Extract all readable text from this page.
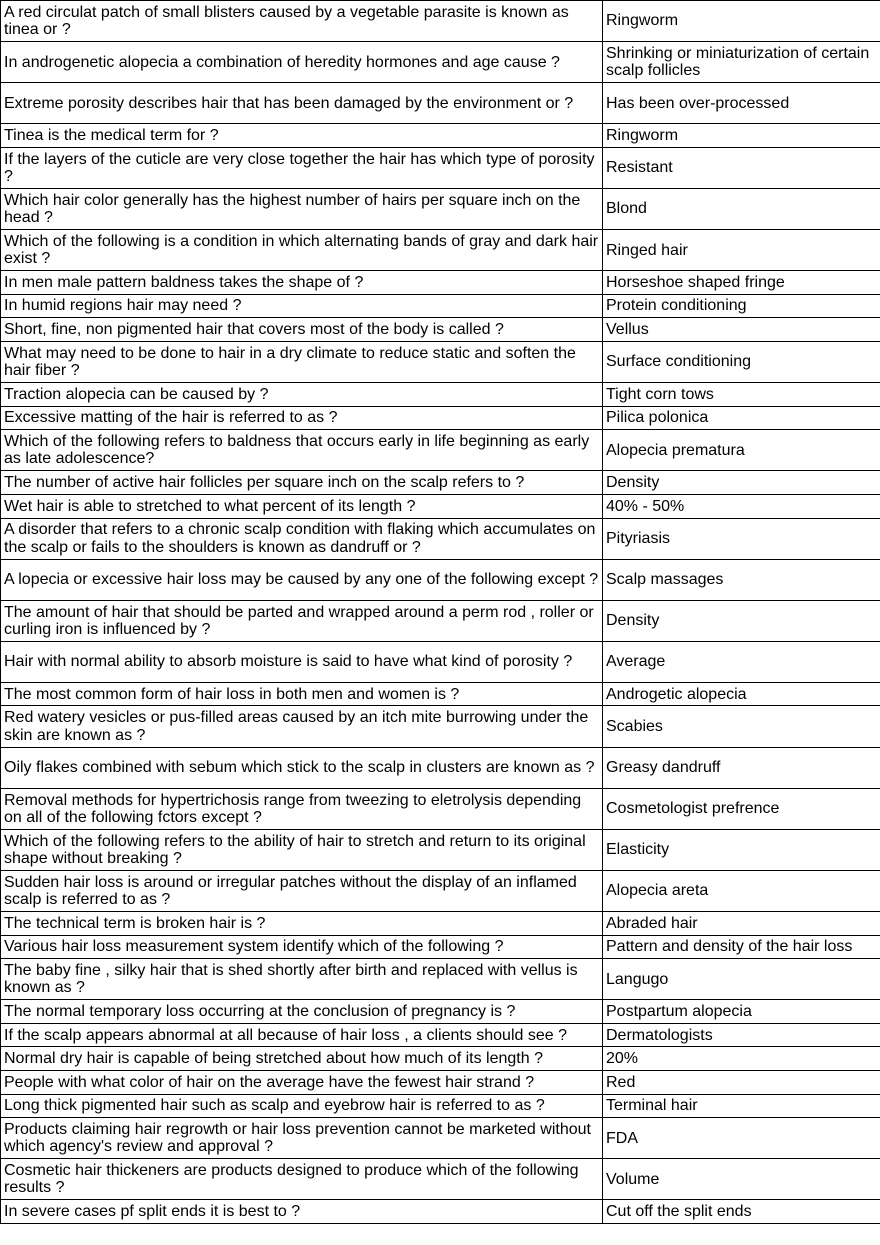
A red circulat patch of small blisters caused by a vegetable parasite is known as tinea or ?	Ringworm
In androgenetic alopecia a combination of heredity hormones and age cause ?	Shrinking or miniaturization of certain scalp follicles
Extreme porosity describes hair that has been damaged by the environment or ?	Has been over-processed
Tinea is the medical term for ?	Ringworm
If the layers of the cuticle are very close together the hair has which type of porosity ?	Resistant
Which hair color generally has the highest number of hairs per square inch on the head ?	Blond
Which of the following is a condition in which alternating bands of gray and dark hair exist ?	Ringed hair
In men male pattern baldness takes the shape of ?	Horseshoe shaped fringe
In humid regions hair may need ?	Protein conditioning
Short, fine, non pigmented hair that covers most of the body is called ?	Vellus
What may need to be done to hair in a dry climate to reduce static and soften the hair fiber ?	Surface conditioning
Traction alopecia can be caused by ?	Tight corn tows
Excessive matting of the hair is referred to as ?	Pilica polonica
Which of the following refers to baldness that occurs early in life beginning as early as late adolescence?	Alopecia prematura
The number of active hair follicles per square inch on the scalp refers to ?	Density
Wet hair is able to stretched to what percent of its length ?	40% - 50%
A disorder that refers to a chronic scalp condition with flaking which accumulates on the scalp or fails to the shoulders is known as dandruff or ?	Pityriasis
A lopecia or excessive hair loss may be caused by any one of the following except ?	Scalp massages
The amount of hair that should be parted and wrapped around a perm rod , roller or curling iron is influenced by ?	Density
Hair with normal ability to absorb moisture is said to have what kind of porosity ?	Average
The most common form of hair loss in both men and women is ?	Androgetic alopecia
Red watery vesicles or pus-filled areas caused by an itch mite burrowing under the skin are known as ?	Scabies
Oily flakes combined with sebum which stick to the scalp in clusters are known as ?	Greasy dandruff
Removal methods for hypertrichosis range from tweezing to eletrolysis depending on all of the following fctors except ?	Cosmetologist prefrence
Which of the following refers to the ability of hair to stretch and return to its original shape without breaking ?	Elasticity
Sudden hair loss is around or irregular patches without the display of an inflamed scalp is referred to as ?	Alopecia areta
The technical term is broken hair is ?	Abraded hair
Various hair loss measurement system identify which of the following ?	Pattern and density of the hair loss
The baby fine , silky hair that is shed shortly after birth and replaced with vellus is known as ?	Langugo
The normal temporary loss occurring at the conclusion of pregnancy is ?	Postpartum alopecia
If the scalp appears abnormal at all because of hair loss , a clients should see ?	Dermatologists
Normal dry hair is capable of being stretched about how much of its length ?	20%
People with what color of hair on the average have the fewest hair strand ?	Red
Long thick pigmented hair such as scalp and eyebrow hair is referred to as ?	Terminal hair
Products claiming hair regrowth or hair loss prevention cannot be marketed without which agency's review and approval ?	FDA
Cosmetic hair thickeners are products designed to produce which of the following results ?	Volume
In severe cases pf split ends it is best to ?	Cut off the split ends
